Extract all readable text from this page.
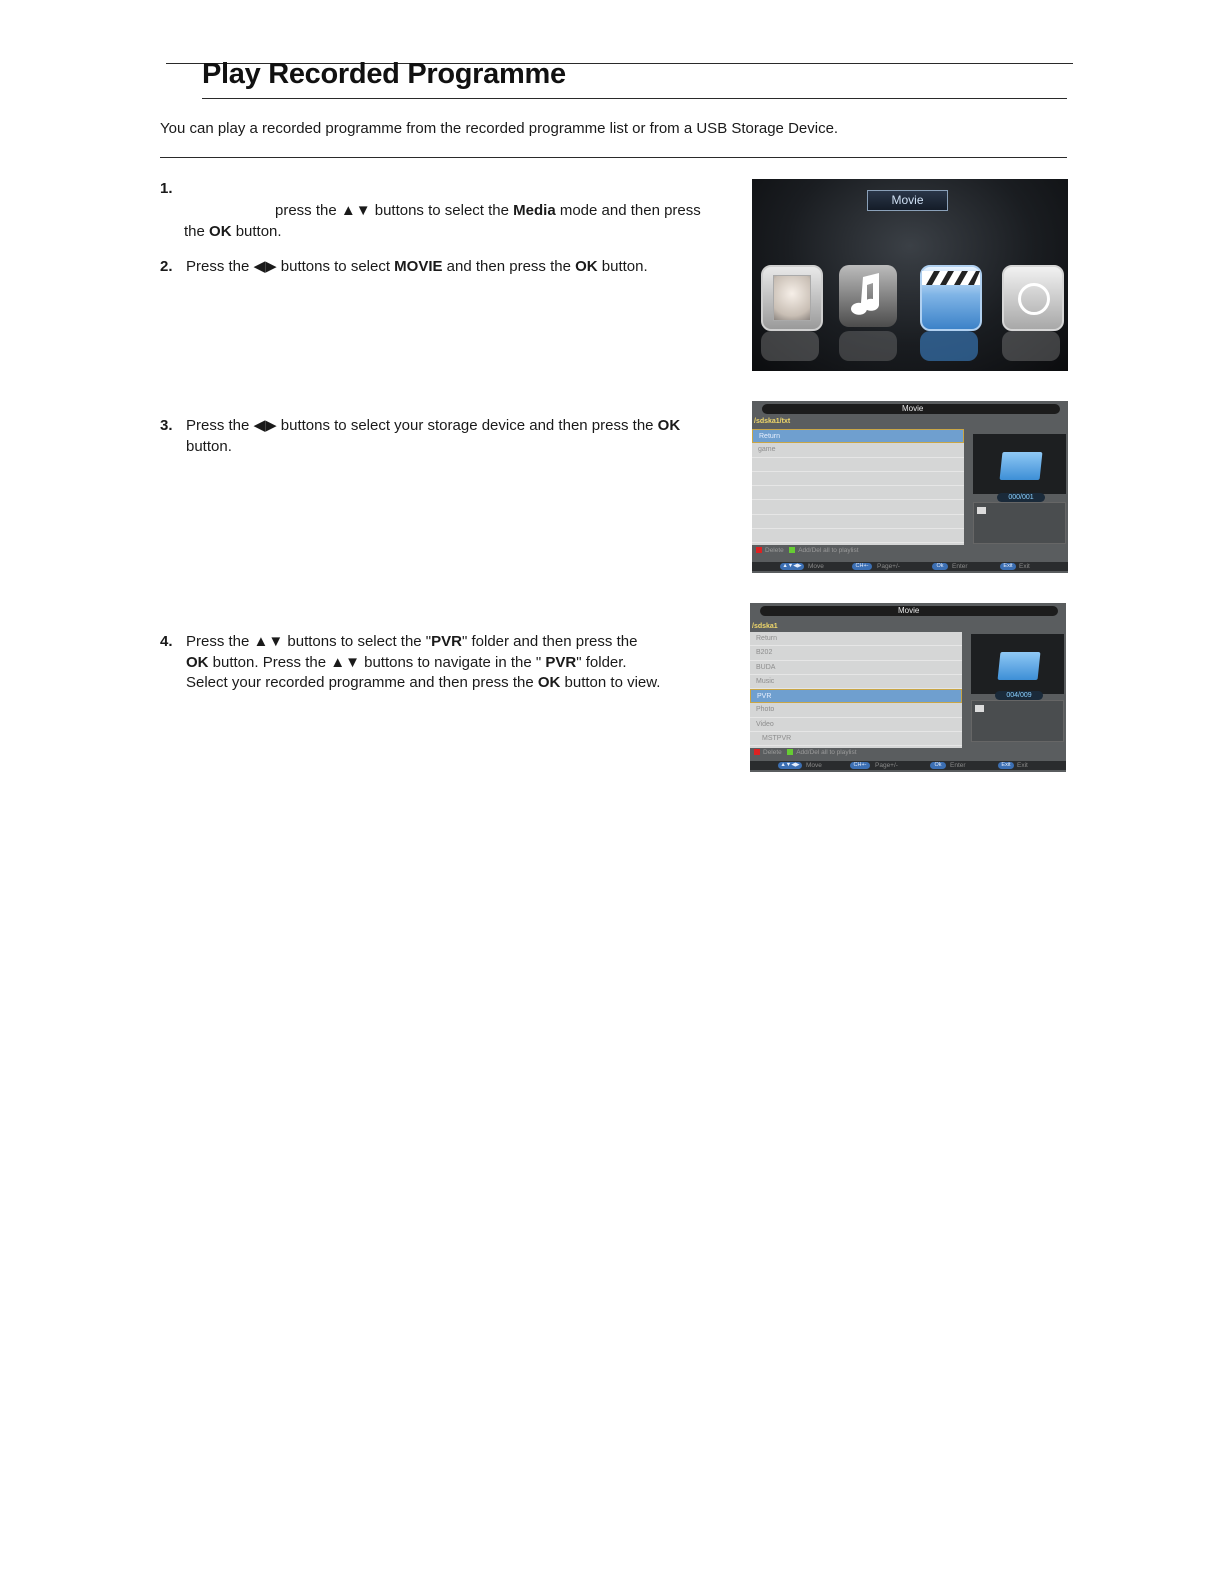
Play Recorded Programme
You can play a recorded programme from the recorded programme list or from a USB Storage Device.
1.
press the ▲▼ buttons to select the Media mode and then press
the OK button.
2. Press the ◀▶ buttons to select MOVIE and then press the OK button.
3. Press the ◀▶ buttons to select your storage device and then press the OK
button.
4. Press the ▲▼ buttons to select the "PVR" folder and then press the
OK button. Press the ▲▼ buttons to navigate in the " PVR" folder.
Select your recorded programme and then press the OK button to view.
Movie
Movie
/sdska1/txt
Return
game
000/001
Delete Add/Del all to playlist
▲▼◀▶ Move	CH+-	Page+/-	Ok	Enter	Exit Exit
Movie
/sdska1
Return
B202
BUDA
Music
PVR
Photo
Video
MSTPVR
004/009
Delete Add/Del all to playlist
▲▼◀▶ Move	CH+-	Page+/-	Ok	Enter	Exit Exit
